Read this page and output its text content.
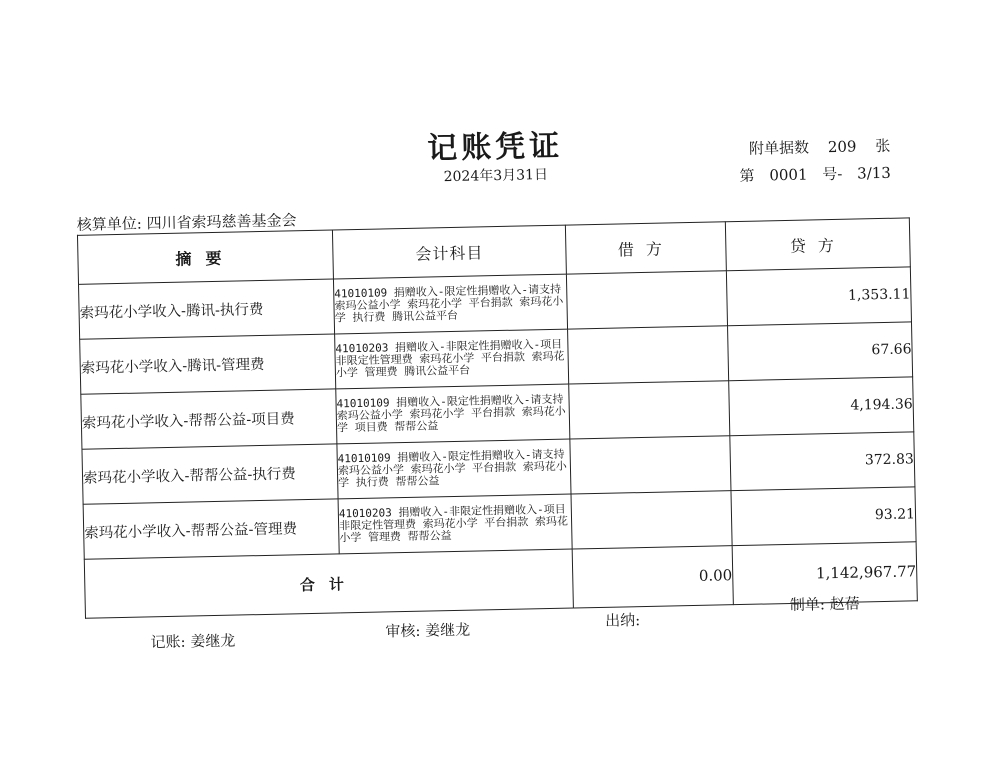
记账凭证
2024年3月31日
附单据数 209 张
第 0001 号- 3/13
核算单位: 四川省索玛慈善基金会
摘要	会计科目	借方	贷方
索玛花小学收入-腾讯-执行费	41010109 捐赠收入-限定性捐赠收入-请支持索玛公益小学 索玛花小学 平台捐款 索玛花小学 执行费 腾讯公益平台		1,353.11
索玛花小学收入-腾讯-管理费	41010203 捐赠收入-非限定性捐赠收入-项目非限定性管理费 索玛花小学 平台捐款 索玛花小学 管理费 腾讯公益平台		67.66
索玛花小学收入-帮帮公益-项目费	41010109 捐赠收入-限定性捐赠收入-请支持索玛公益小学 索玛花小学 平台捐款 索玛花小学 项目费 帮帮公益		4,194.36
索玛花小学收入-帮帮公益-执行费	41010109 捐赠收入-限定性捐赠收入-请支持索玛公益小学 索玛花小学 平台捐款 索玛花小学 执行费 帮帮公益		372.83
索玛花小学收入-帮帮公益-管理费	41010203 捐赠收入-非限定性捐赠收入-项目非限定性管理费 索玛花小学 平台捐款 索玛花小学 管理费 帮帮公益		93.21
合计		0.00	1,142,967.77
记账: 姜继龙
审核: 姜继龙
出纳:
制单: 赵蓓
